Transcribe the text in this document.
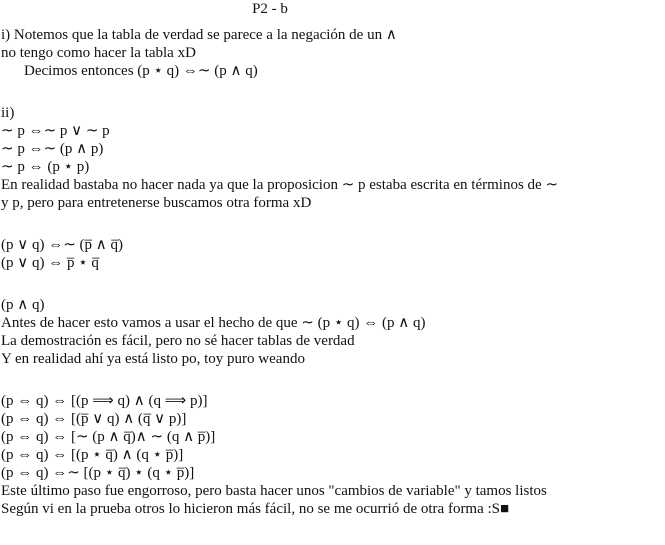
P2 - b
i) Notemos que la tabla de verdad se parece a la negación de un ∧
no tengo como hacer la tabla xD
Decimos entonces (p ⋆ q) ⇔∼ (p ∧ q)
ii)
∼ p ⇔∼ p ∨ ∼ p
∼ p ⇔∼ (p ∧ p)
∼ p ⇔ (p ⋆ p)
En realidad bastaba no hacer nada ya que la proposicion ∼ p estaba escrita en términos de ∼
y p, pero para entretenerse buscamos otra forma xD
(p ∨ q) ⇔∼ (p̅ ∧ q̅)
(p ∨ q) ⇔ p̅ ⋆ q̅
(p ∧ q)
Antes de hacer esto vamos a usar el hecho de que ∼ (p ⋆ q) ⇔ (p ∧ q)
La demostración es fácil, pero no sé hacer tablas de verdad
Y en realidad ahí ya está listo po, toy puro weando
(p ⇔ q) ⇔ [(p ⟹ q) ∧ (q ⟹ p)]
(p ⇔ q) ⇔ [(p̅ ∨ q) ∧ (q̅ ∨ p)]
(p ⇔ q) ⇔ [∼ (p ∧ q̅)∧ ∼ (q ∧ p̅)]
(p ⇔ q) ⇔ [(p ⋆ q̅) ∧ (q ⋆ p̅)]
(p ⇔ q) ⇔∼ [(p ⋆ q̅) ⋆ (q ⋆ p̅)]
Este último paso fue engorroso, pero basta hacer unos "cambios de variable" y tamos listos
Según vi en la prueba otros lo hicieron más fácil, no se me ocurrió de otra forma :S■
